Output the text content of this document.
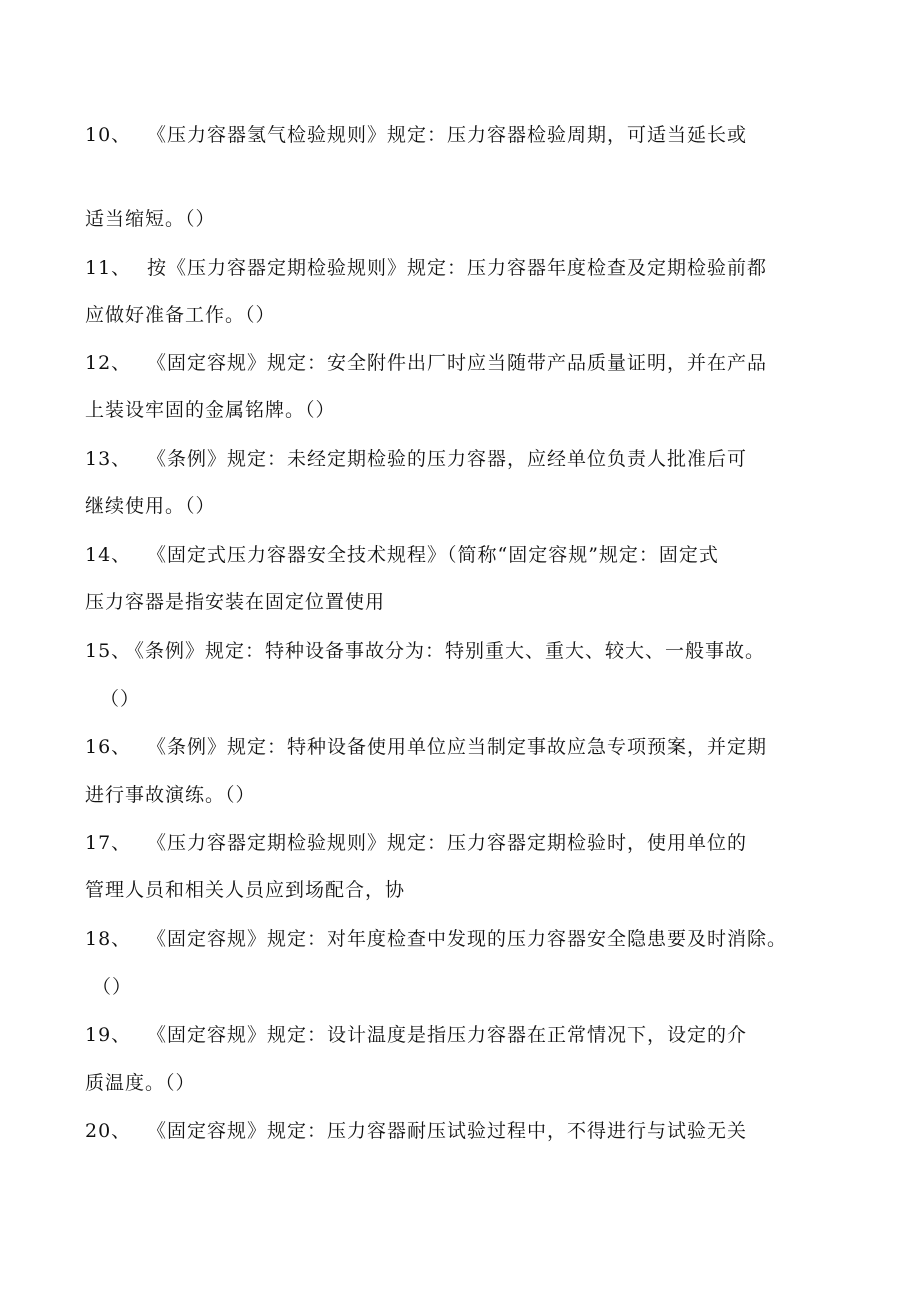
10、 《压力容器氢气检验规则》规定：压力容器检验周期，可适当延长或
适当缩短。（）
11、 按《压力容器定期检验规则》规定：压力容器年度检查及定期检验前都
应做好准备工作。（）
12、 《固定容规》规定：安全附件出厂时应当随带产品质量证明，并在产品
上装设牢固的金属铭牌。（）
13、 《条例》规定：未经定期检验的压力容器，应经单位负责人批准后可
继续使用。（）
14、 《固定式压力容器安全技术规程》（简称“固定容规”规定：固定式
压力容器是指安装在固定位置使用
15、《条例》规定：特种设备事故分为：特别重大、重大、较大、一般事故。
（）
16、 《条例》规定：特种设备使用单位应当制定事故应急专项预案，并定期
进行事故演练。（）
17、 《压力容器定期检验规则》规定：压力容器定期检验时，使用单位的
管理人员和相关人员应到场配合，协
18、 《固定容规》规定：对年度检查中发现的压力容器安全隐患要及时消除。
（）
19、 《固定容规》规定：设计温度是指压力容器在正常情况下，设定的介
质温度。（）
20、 《固定容规》规定：压力容器耐压试验过程中，不得进行与试验无关
